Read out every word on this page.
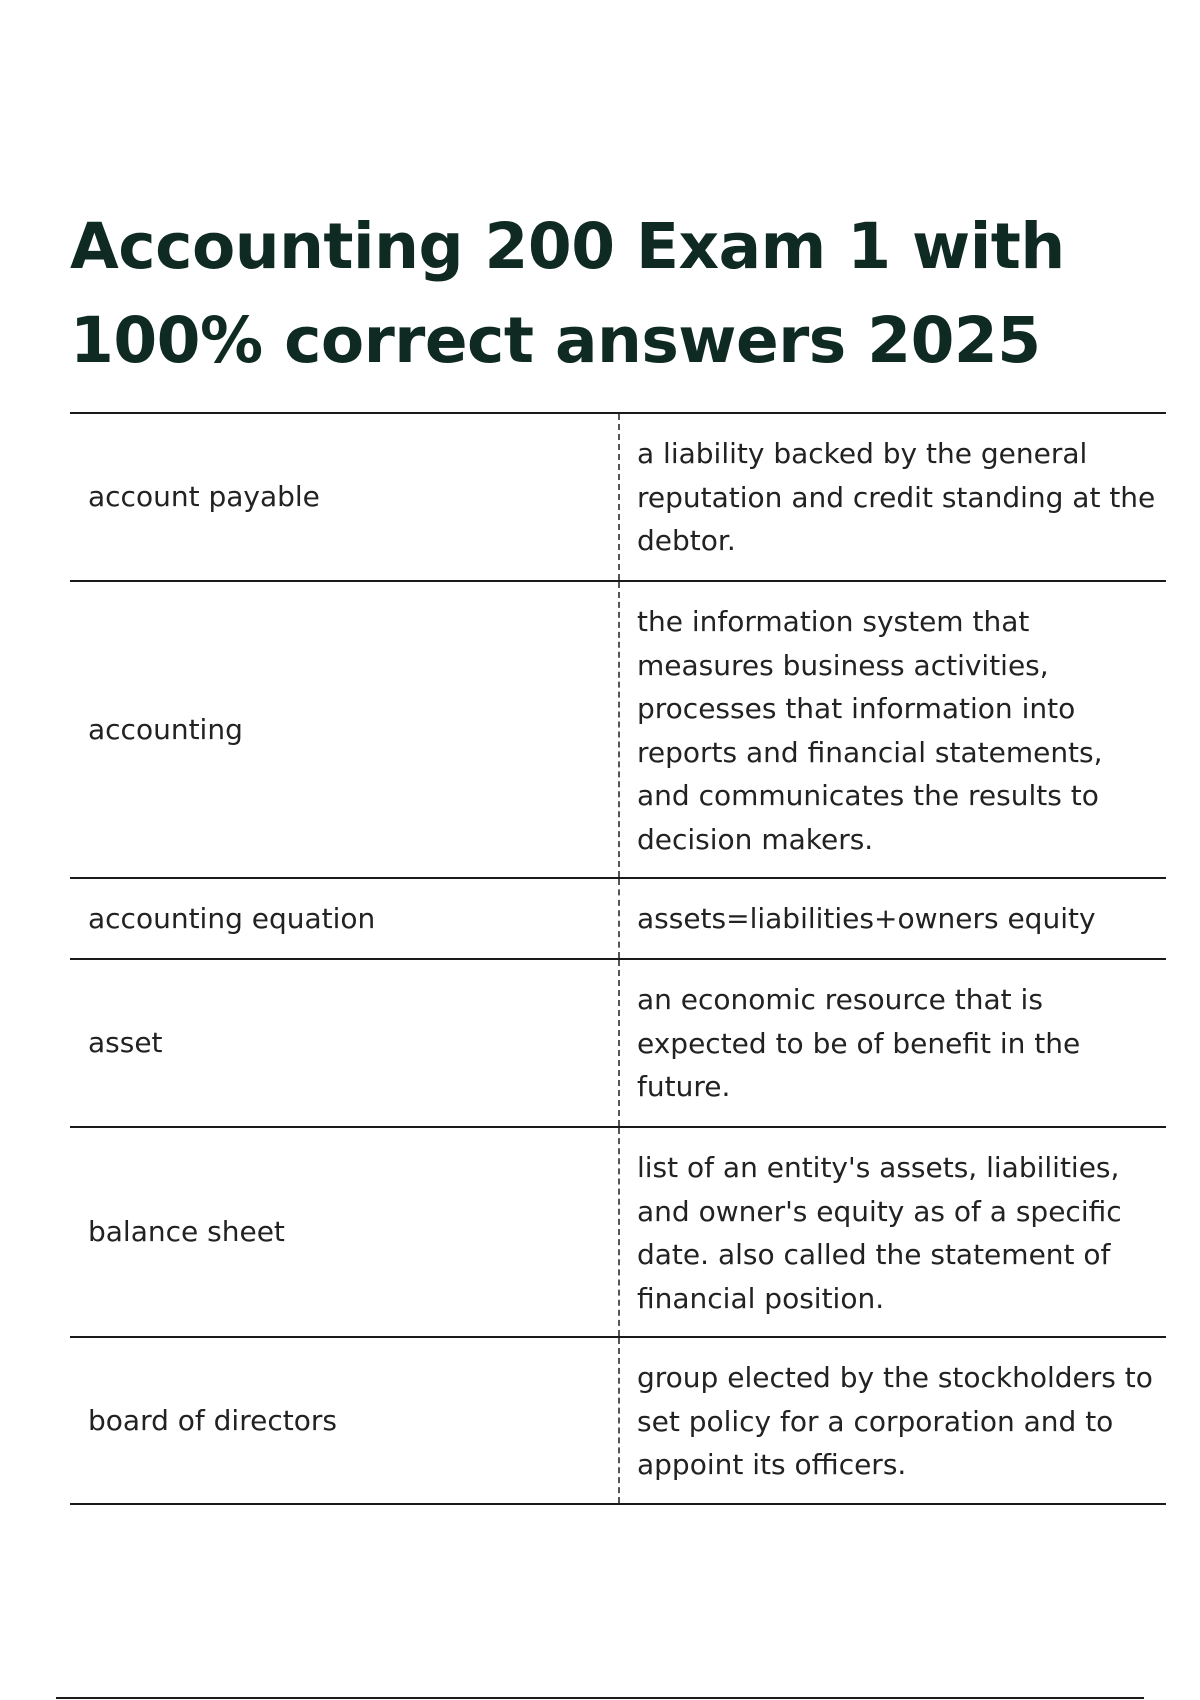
Accounting 200 Exam 1 with
100% correct answers 2025
account payable
a liability backed by the general reputation and credit standing at the debtor.
accounting
the information system that measures business activities, processes that information into reports and financial statements, and communicates the results to decision makers.
accounting equation	assets=liabilities+owners equity
asset
an economic resource that is expected to be of benefit in the future.
balance sheet
list of an entity's assets, liabilities, and owner's equity as of a specific date. also called the statement of financial position.
board of directors
group elected by the stockholders to set policy for a corporation and to appoint its officers.
